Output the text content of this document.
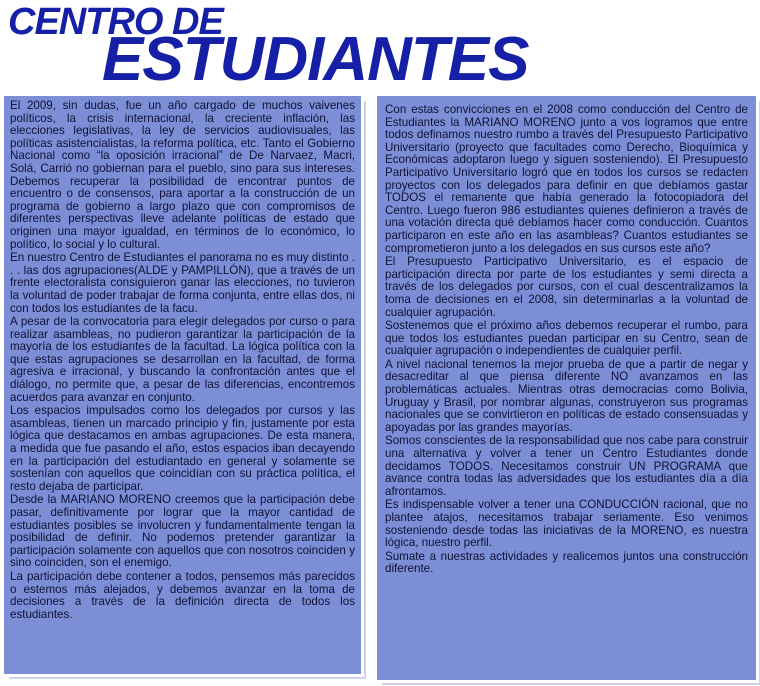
CENTRO DE
ESTUDIANTES

El 2009, sin dudas, fue un año cargado de muchos vaivenes políticos, la crisis internacional, la creciente inflación, las elecciones legislativas, la ley de servicios audiovisuales, las políticas asistencialistas, la reforma política, etc. Tanto el Gobierno Nacional como “la oposición irracional” de De Narvaez, Macri, Solá, Carrió no gobiernan para el pueblo, sino para sus intereses. Debemos recuperar la posibilidad de encontrar puntos de encuentro o de consensos, para aportar a la construcción de un programa de gobierno a largo plazo que con compromisos de diferentes perspectivas lleve adelante políticas de estado que originen una mayor igualdad, en términos de lo económico, lo político, lo social y lo cultural.

En nuestro Centro de Estudiantes el panorama no es muy distinto . . . las dos agrupaciones(ALDE y PAMPILLÓN), que a través de un frente electoralista consiguieron ganar las elecciones, no tuvieron la voluntad de poder trabajar de forma conjunta, entre ellas dos, ni con todos los estudiantes de la facu.

A pesar de la convocatoria para elegir delegados por curso o para realizar asambleas, no pudieron garantizar la participación de la mayoría de los estudiantes de la facultad. La lógica política con la que estas agrupaciones se desarrollan en la facultad, de forma agresiva e irracional, y buscando la confrontación antes que el diálogo, no permite que, a pesar de las diferencias, encontremos acuerdos para avanzar en conjunto.

Los espacios impulsados como los delegados por cursos y las asambleas, tienen un marcado principio y fin, justamente por esta lógica que destacamos en ambas agrupaciones. De esta manera, a medida que fue pasando el año, estos espacios iban decayendo en la participación del estudiantado en general y solamente se sostenían con aquellos que coincidían con su práctica política, el resto dejaba de participar.

Desde la MARIANO MORENO creemos que la participación debe pasar, definitivamente por lograr que la mayor cantidad de estudiantes posibles se involucren y fundamentalmente tengan la posibilidad de definir. No podemos pretender garantizar la participación solamente con aquellos que con nosotros coinciden y sino coinciden, son el enemigo.

La participación debe contener a todos, pensemos más parecidos o estemos más alejados, y debemos avanzar en la toma de decisiones a través de la definición directa de todos los estudiantes.

Con estas convicciones en el 2008 como conducción del Centro de Estudiantes la MARIANO MORENO junto a vos logramos que entre todos definamos nuestro rumbo a través del Presupuesto Participativo Universitario (proyecto que facultades como Derecho, Bioquímica y Económicas adoptaron luego y siguen sosteniendo). El Presupuesto Participativo Universitario logró que en todos los cursos se redacten proyectos con los delegados para definir en que debíamos gastar TODOS el remanente que había generado la fotocopiadora del Centro. Luego fueron 986 estudiantes quienes definieron a través de una votación directa qué debíamos hacer como conducción. Cuantos participaron en este año en las asambleas? Cuantos estudiantes se comprometieron junto a los delegados en sus cursos este año?

El Presupuesto Participativo Universitario, es el espacio de participación directa por parte de los estudiantes y semi directa a través de los delegados por cursos, con el cual descentralizamos la toma de decisiones en el 2008, sin determinarlas a la voluntad de cualquier agrupación.

Sostenemos que el próximo años debemos recuperar el rumbo, para que todos los estudiantes puedan participar en su Centro, sean de cualquier agrupación o independientes de cualquier perfil.

A nivel nacional tenemos la mejor prueba de que a partir de negar y desacreditar al que piensa diferente NO avanzamos en las problemáticas actuales. Mientras otras democracias como Bolivia, Uruguay y Brasil, por nombrar algunas, construyeron sus programas nacionales que se convirtieron en políticas de estado consensuadas y apoyadas por las grandes mayorías.

Somos conscientes de la responsabilidad que nos cabe para construir una alternativa y volver a tener un Centro Estudiantes donde decidamos TODOS. Necesitamos construir UN PROGRAMA que avance contra todas las adversidades que los estudiantes día a día afrontamos.

Es indispensable volver a tener una CONDUCCIÓN racional, que no plantee atajos, necesitamos trabajar seriamente. Eso venimos sosteniendo desde todas las iniciativas de la MORENO, es nuestra lógica, nuestro perfil.

Sumate a nuestras actividades y realicemos juntos una construcción diferente.
